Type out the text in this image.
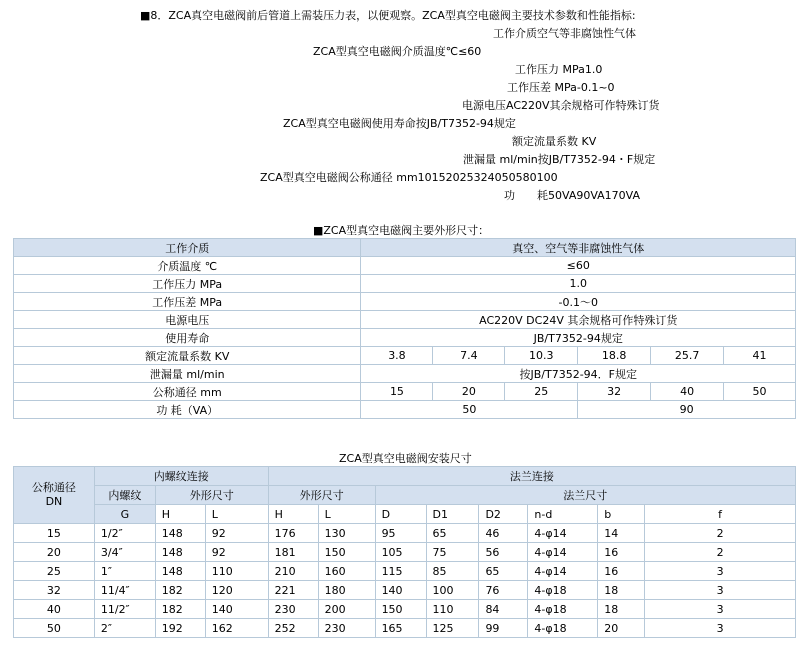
■8．ZCA真空电磁阀前后管道上需装压力表，以便观察。ZCA型真空电磁阀主要技术参数和性能指标:
工作介质空气等非腐蚀性气体
ZCA型真空电磁阀介质温度℃≤60
工作压力 MPa1.0
工作压差 MPa-0.1~0
电源电压AC220V其余规格可作特殊订货
ZCA型真空电磁阀使用寿命按JB/T7352-94规定
额定流量系数 KV
泄漏量 ml/min按JB/T7352-94・F规定
ZCA型真空电磁阀公称通径 mm10152025324050580100
功　　耗50VA90VA170VA
■ZCA型真空电磁阀主要外形尺寸：
工作介质	真空、空气等非腐蚀性气体					
介质温度 ℃	≤60					
工作压力 MPa	1.0					
工作压差 MPa	-0.1～0					
电源电压	AC220V DC24V 其余规格可作特殊订货					
使用寿命	JB/T7352-94规定					
额定流量系数 KV	3.8	7.4	10.3	18.8	25.7	41
泄漏量 ml/min	按JB/T7352-94．F规定					
公称通径 mm	15	20	25	32	40	50
功 耗（VA）	50			90		
ZCA型真空电磁阀安装尺寸
公称通径
DN	内螺纹连接			法兰连接							
	内螺纹	外形尺寸		外形尺寸		法兰尺寸					
	G	H	L	H	L	D	D1	D2	n-d	b	f
15	1/2″	148	92	176	130	95	65	46	4-φ14	14	2
20	3/4″	148	92	181	150	105	75	56	4-φ14	16	2
25	1″	148	110	210	160	115	85	65	4-φ14	16	3
32	11/4″	182	120	221	180	140	100	76	4-φ18	18	3
40	11/2″	182	140	230	200	150	110	84	4-φ18	18	3
50	2″	192	162	252	230	165	125	99	4-φ18	20	3
